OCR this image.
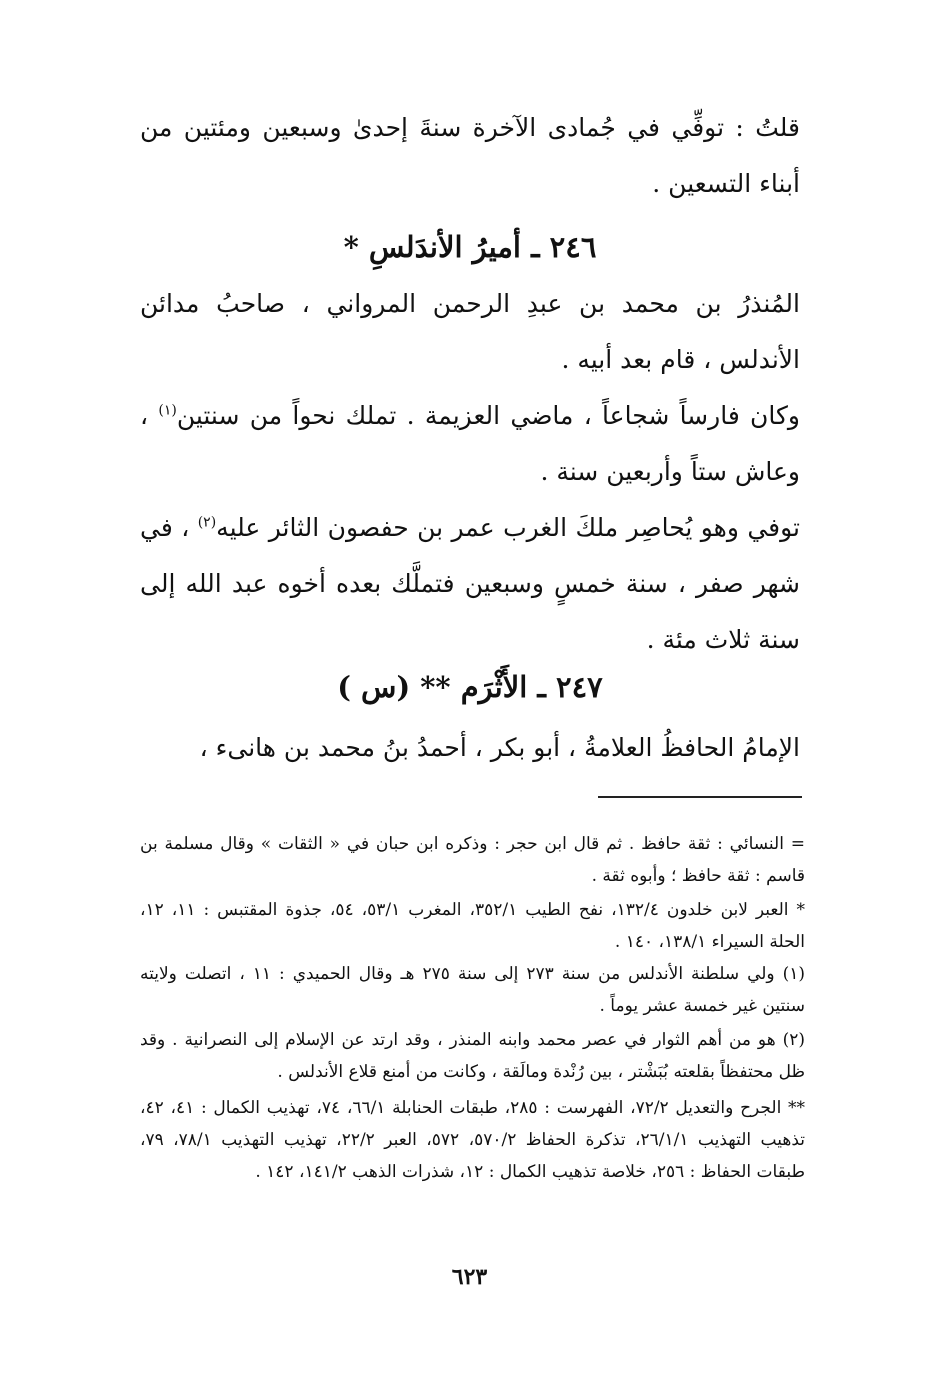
قلتُ : توفِّي في جُمادى الآخرة سنةَ إحدىٰ وسبعين ومئتين من أبناء التسعين .

٢٤٦ ـ أميرُ الأندَلسِ *

المُنذرُ بن محمد بن عبدِ الرحمن المرواني ، صاحبُ مدائن الأندلس ، قام بعد أبيه .

وكان فارساً شجاعاً ، ماضي العزيمة . تملك نحواً من سنتين$^{(١)}$ ، وعاش ستاً وأربعين سنة .

توفي وهو يُحاصِر ملكَ الغرب عمر بن حفصون الثائر عليه$^{(٢)}$ ، في شهر صفر ، سنة خمسٍ وسبعين فتملَّك بعده أخوه عبد الله إلى سنة ثلاث مئة .

٢٤٧ ـ الأَثْرَم ** (س )

الإمامُ الحافظُ العلامةُ ، أبو بكر ، أحمدُ بنُ محمد بن هانىء ،

= النسائي : ثقة حافظ . ثم قال ابن حجر : وذكره ابن حبان في « الثقات » وقال مسلمة بن قاسم : ثقة حافظ ؛ وأبوه ثقة .

* العبر لابن خلدون ١٣٢/٤، نفح الطيب ٣٥٢/١، المغرب ٥٣/١، ٥٤، جذوة المقتبس : ١١، ١٢، الحلة السيراء ١٣٨/١، ١٤٠ .

(١) ولي سلطنة الأندلس من سنة ٢٧٣ إلى سنة ٢٧٥ هـ وقال الحميدي : ١١ ، اتصلت ولايته سنتين غير خمسة عشر يوماً .

(٢) هو من أهم الثوار في عصر محمد وابنه المنذر ، وقد ارتد عن الإسلام إلى النصرانية . وقد ظل محتفظاً بقلعته بُبَشْتر ، بين رُنْدة ومالَقة ، وكانت من أمنع قلاع الأندلس .

** الجرح والتعديل ٧٢/٢، الفهرست : ٢٨٥، طبقات الحنابلة ٦٦/١، ٧٤، تهذيب الكمال : ٤١، ٤٢، تذهيب التهذيب ٢٦/١/١، تذكرة الحفاظ ٥٧٠/٢، ٥٧٢، العبر ٢٢/٢، تهذيب التهذيب ٧٨/١، ٧٩، طبقات الحفاظ : ٢٥٦، خلاصة تذهيب الكمال : ١٢، شذرات الذهب ١٤١/٢، ١٤٢ .

٦٢٣
